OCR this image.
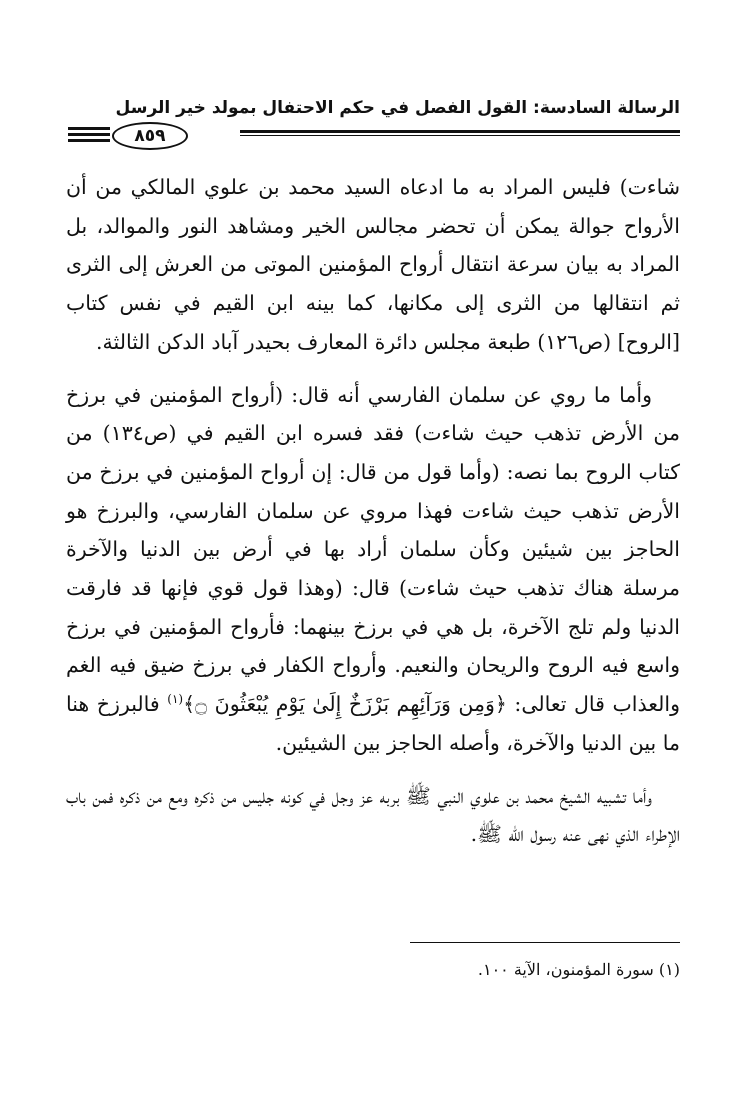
الرسالة السادسة: القول الفصل في حكم الاحتفال بمولد خير الرسل
٨٥٩

شاءت) فليس المراد به ما ادعاه السيد محمد بن علوي المالكي من أن الأرواح جوالة يمكن أن تحضر مجالس الخير ومشاهد النور والموالد، بل المراد به بيان سرعة انتقال أرواح المؤمنين الموتى من العرش إلى الثرى ثم انتقالها من الثرى إلى مكانها، كما بينه ابن القيم في نفس كتاب [الروح] (ص١٢٦) طبعة مجلس دائرة المعارف بحيدر آباد الدكن الثالثة.

وأما ما روي عن سلمان الفارسي أنه قال: (أرواح المؤمنين في برزخ من الأرض تذهب حيث شاءت) فقد فسره ابن القيم في (ص١٣٤) من كتاب الروح بما نصه: (وأما قول من قال: إن أرواح المؤمنين في برزخ من الأرض تذهب حيث شاءت فهذا مروي عن سلمان الفارسي، والبرزخ هو الحاجز بين شيئين وكأن سلمان أراد بها في أرض بين الدنيا والآخرة مرسلة هناك تذهب حيث شاءت) قال: (وهذا قول قوي فإنها قد فارقت الدنيا ولم تلج الآخرة، بل هي في برزخ بينهما: فأرواح المؤمنين في برزخ واسع فيه الروح والريحان والنعيم. وأرواح الكفار في برزخ ضيق فيه الغم والعذاب قال تعالى: ﴿وَمِن وَرَآئِهِم بَرْزَخٌ إِلَىٰ يَوْمِ يُبْعَثُونَ ۝﴾$^{(١)}$ فالبرزخ هنا ما بين الدنيا والآخرة، وأصله الحاجز بين الشيئين.

وأما تشبيه الشيخ محمد بن علوي النبي ﷺ بربه عز وجل في كونه جليس من ذكره ومع من ذكره فمن باب الإطراء الذي نهى عنه رسول الله ﷺ.

(١) سورة المؤمنون، الآية ١٠٠.
